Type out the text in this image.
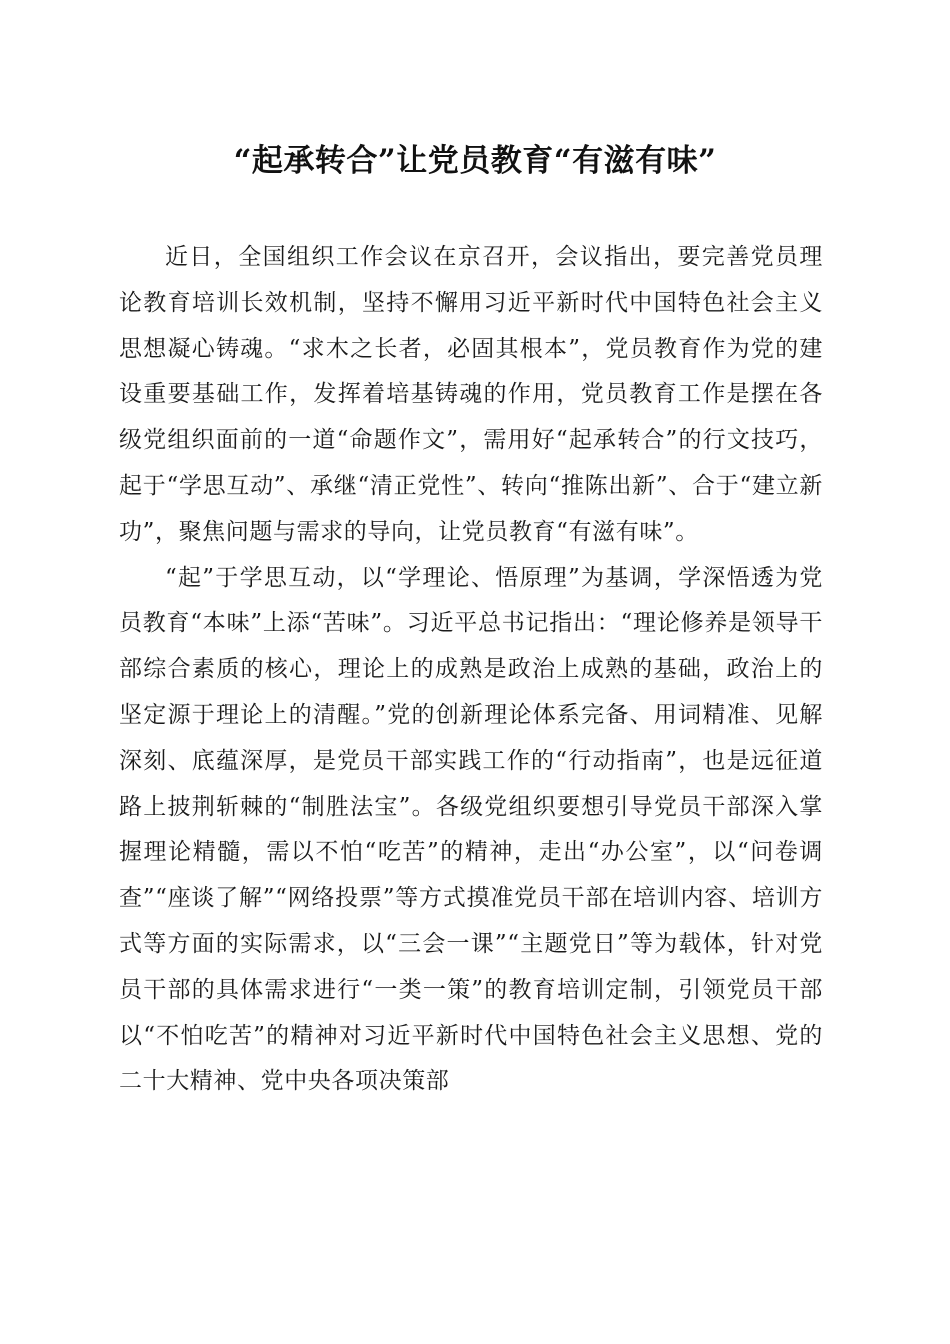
“起承转合”让党员教育“有滋有味”

近日，全国组织工作会议在京召开，会议指出，要完善党员理论教育培训长效机制，坚持不懈用习近平新时代中国特色社会主义思想凝心铸魂。“求木之长者，必固其根本”，党员教育作为党的建设重要基础工作，发挥着培基铸魂的作用，党员教育工作是摆在各级党组织面前的一道“命题作文”，需用好“起承转合”的行文技巧，起于“学思互动”、承继“清正党性”、转向“推陈出新”、合于“建立新功”，聚焦问题与需求的导向，让党员教育“有滋有味”。

“起”于学思互动，以“学理论、悟原理”为基调，学深悟透为党员教育“本味”上添“苦味”。习近平总书记指出：“理论修养是领导干部综合素质的核心，理论上的成熟是政治上成熟的基础，政治上的坚定源于理论上的清醒。”党的创新理论体系完备、用词精准、见解深刻、底蕴深厚，是党员干部实践工作的“行动指南”，也是远征道路上披荆斩棘的“制胜法宝”。各级党组织要想引导党员干部深入掌握理论精髓，需以不怕“吃苦”的精神，走出“办公室”，以“问卷调查”“座谈了解”“网络投票”等方式摸准党员干部在培训内容、培训方式等方面的实际需求，以“三会一课”“主题党日”等为载体，针对党员干部的具体需求进行“一类一策”的教育培训定制，引领党员干部以“不怕吃苦”的精神对习近平新时代中国特色社会主义思想、党的二十大精神、党中央各项决策部
